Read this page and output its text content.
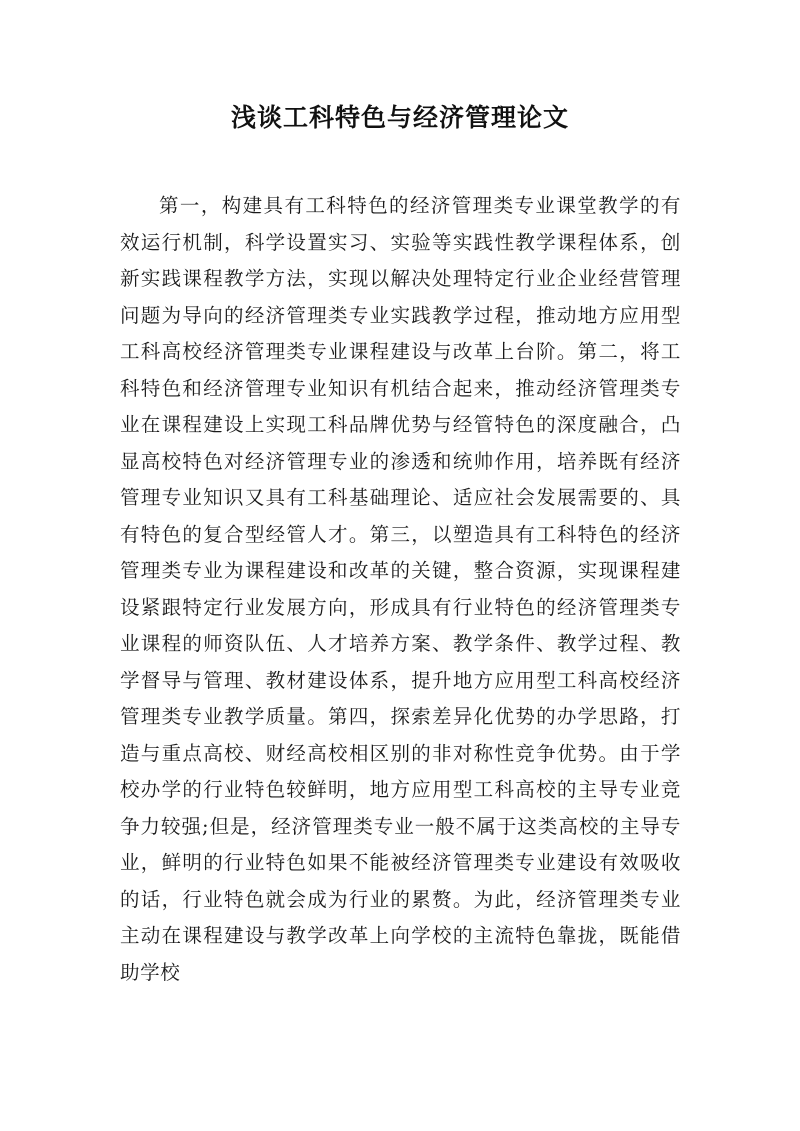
浅谈工科特色与经济管理论文

第一，构建具有工科特色的经济管理类专业课堂教学的有效运行机制，科学设置实习、实验等实践性教学课程体系，创新实践课程教学方法，实现以解决处理特定行业企业经营管理问题为导向的经济管理类专业实践教学过程，推动地方应用型工科高校经济管理类专业课程建设与改革上台阶。第二，将工科特色和经济管理专业知识有机结合起来，推动经济管理类专业在课程建设上实现工科品牌优势与经管特色的深度融合，凸显高校特色对经济管理专业的渗透和统帅作用，培养既有经济管理专业知识又具有工科基础理论、适应社会发展需要的、具有特色的复合型经管人才。第三，以塑造具有工科特色的经济管理类专业为课程建设和改革的关键，整合资源，实现课程建设紧跟特定行业发展方向，形成具有行业特色的经济管理类专业课程的师资队伍、人才培养方案、教学条件、教学过程、教学督导与管理、教材建设体系，提升地方应用型工科高校经济管理类专业教学质量。第四，探索差异化优势的办学思路，打造与重点高校、财经高校相区别的非对称性竞争优势。由于学校办学的行业特色较鲜明，地方应用型工科高校的主导专业竞争力较强;但是，经济管理类专业一般不属于这类高校的主导专业，鲜明的行业特色如果不能被经济管理类专业建设有效吸收的话，行业特色就会成为行业的累赘。为此，经济管理类专业主动在课程建设与教学改革上向学校的主流特色靠拢，既能借助学校
